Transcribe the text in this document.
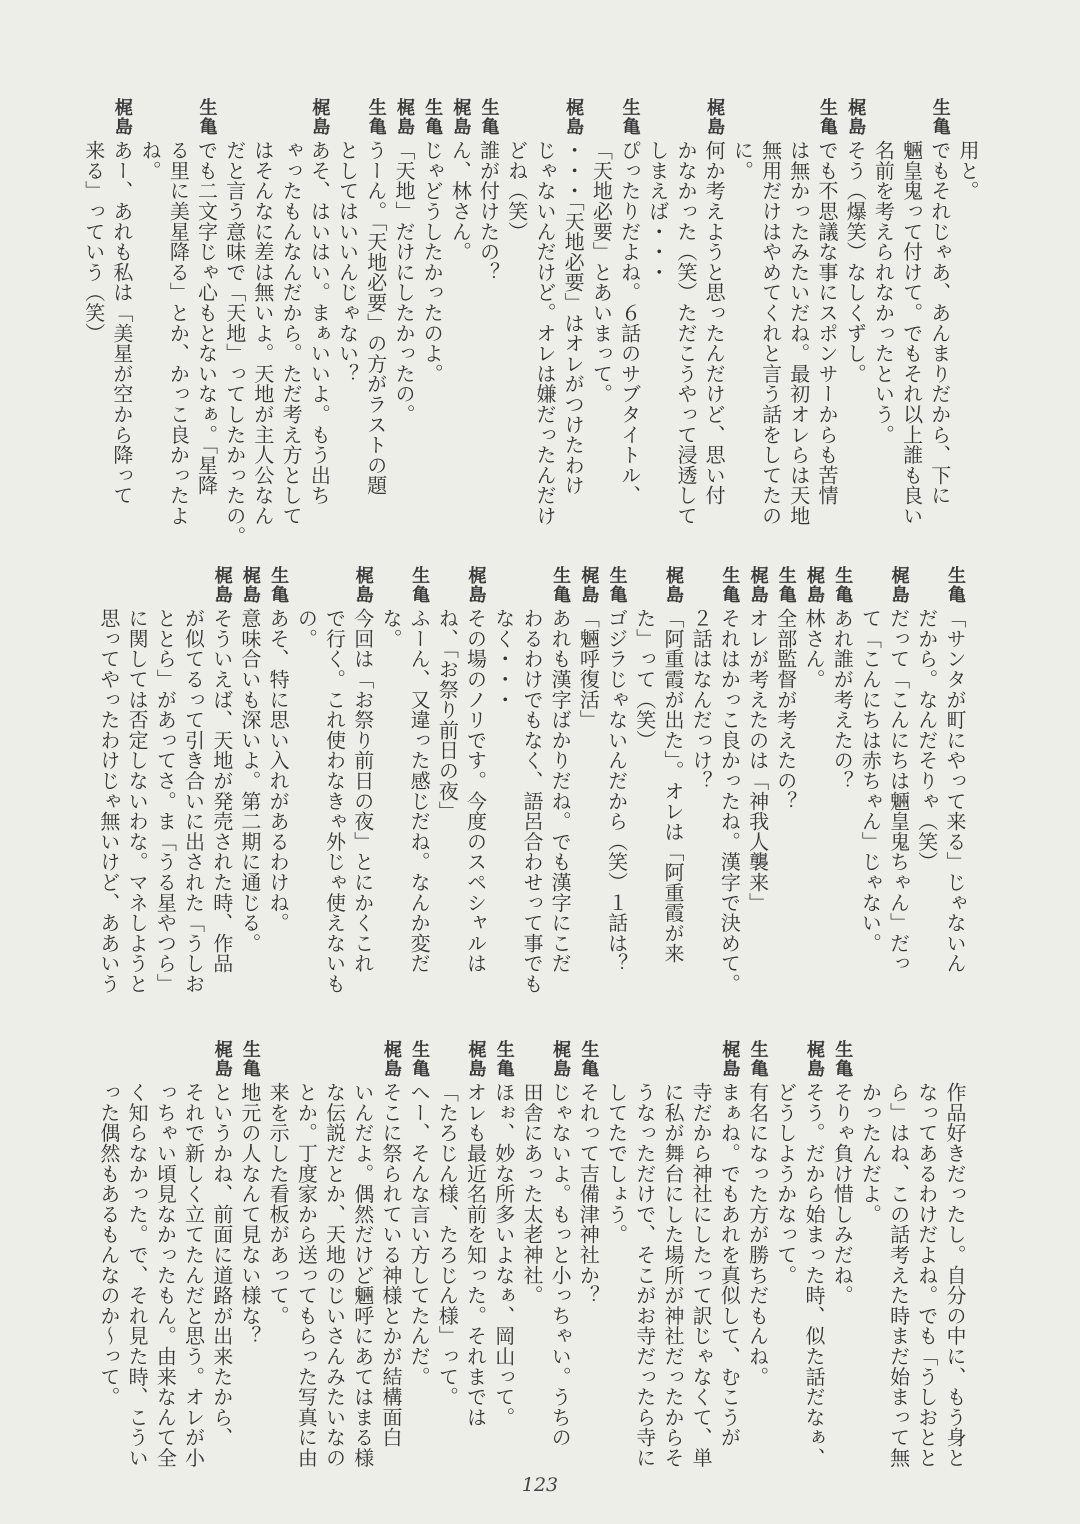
用と。
生亀
でもそれじゃあ、あんまりだから、下に
魎皇鬼って付けて。でもそれ以上誰も良い
名前を考えられなかったという。
梶島
そう（爆笑）なしくずし。
生亀
でも不思議な事にスポンサーからも苦情
は無かったみたいだね。最初オレらは天地
無用だけはやめてくれと言う話をしてたの
に。
梶島
何か考えようと思ったんだけど、思い付
かなかった（笑）ただこうやって浸透して
しまえば・・・
生亀
ぴったりだよね。６話のサブタイトル、
「天地必要」とあいまって。
梶島
・・・「天地必要」はオレがつけたわけ
じゃないんだけど。オレは嫌だったんだけ
どね（笑）
生亀
誰が付けたの？
梶島
ん、林さん。
生亀
じゃどうしたかったのよ。
梶島
「天地」だけにしたかったの。
生亀
うーん。「天地必要」の方がラストの題
としてはいいんじゃない？
梶島
あそ、はいはい。まぁいいよ。もう出ち
ゃったもんなんだから。ただ考え方として
はそんなに差は無いよ。天地が主人公なん
だと言う意味で「天地」ってしたかったの。
生亀
でも二文字じゃ心もとないなぁ。「星降
る里に美星降る」とか、かっこ良かったよ
ね。
梶島
あー、あれも私は「美星が空から降って
来る」っていう（笑）
生亀
「サンタが町にやって来る」じゃないん
だから。なんだそりゃ（笑）
梶島
だって「こんにちは魎皇鬼ちゃん」だっ
て「こんにちは赤ちゃん」じゃない。
生亀
あれ誰が考えたの？
梶島
林さん。
生亀
全部監督が考えたの？
梶島
オレが考えたのは「神我人襲来」
生亀
それはかっこ良かったね。漢字で決めて。
２話はなんだっけ？
梶島
「阿重霞が出た」。オレは「阿重霞が来
た」って（笑）
生亀
ゴジラじゃないんだから（笑）１話は？
梶島
「魎呼復活」
生亀
あれも漢字ばかりだね。でも漢字にこだ
わるわけでもなく、語呂合わせって事でも
なく・・・
梶島
その場のノリです。今度のスペシャルは
ね、「お祭り前日の夜」
生亀
ふーん、又違った感じだね。なんか変だ
な。
梶島
今回は「お祭り前日の夜」とにかくこれ
で行く。これ使わなきゃ外じゃ使えないも
の。
生亀
あそ、特に思い入れがあるわけね。
梶島
意味合いも深いよ。第二期に通じる。
梶島
そういえば、天地が発売された時、作品
が似てるって引き合いに出された「うしお
ととら」があってさ。ま「うる星やつら」
に関しては否定しないわな。マネしようと
思ってやったわけじゃ無いけど、ああいう
作品好きだったし。自分の中に、もう身と
なってあるわけだよね。でも「うしおとと
ら」はね、この話考えた時まだ始まって無
かったんだよ。
生亀
そりゃ負け惜しみだね。
梶島
そう。だから始まった時、似た話だなぁ、
どうしようかなって。
生亀
有名になった方が勝ちだもんね。
梶島
まぁね。でもあれを真似して、むこうが
寺だから神社にしたって訳じゃなくて、単
に私が舞台にした場所が神社だったからそ
うなっただけで、そこがお寺だったら寺に
してたでしょう。
生亀
それって吉備津神社か？
梶島
じゃないよ。もっと小っちゃい。うちの
田舎にあった太老神社。
生亀
ほぉ、妙な所多いよなぁ、岡山って。
梶島
オレも最近名前を知った。それまでは
「たろじん様、たろじん様」って。
生亀
へー、そんな言い方してたんだ。
梶島
そこに祭られている神様とかが結構面白
いんだよ。偶然だけど魎呼にあてはまる様
な伝説だとか、天地のじいさんみたいなの
とか。丁度家から送ってもらった写真に由
来を示した看板があって。
生亀
地元の人なんて見ない様な？
梶島
というかね、前面に道路が出来たから、
それで新しく立てたんだと思う。オレが小
っちゃい頃見なかったもん。由来なんて全
く知らなかった。で、それ見た時、こうい
った偶然もあるもんなのか～って。
123
